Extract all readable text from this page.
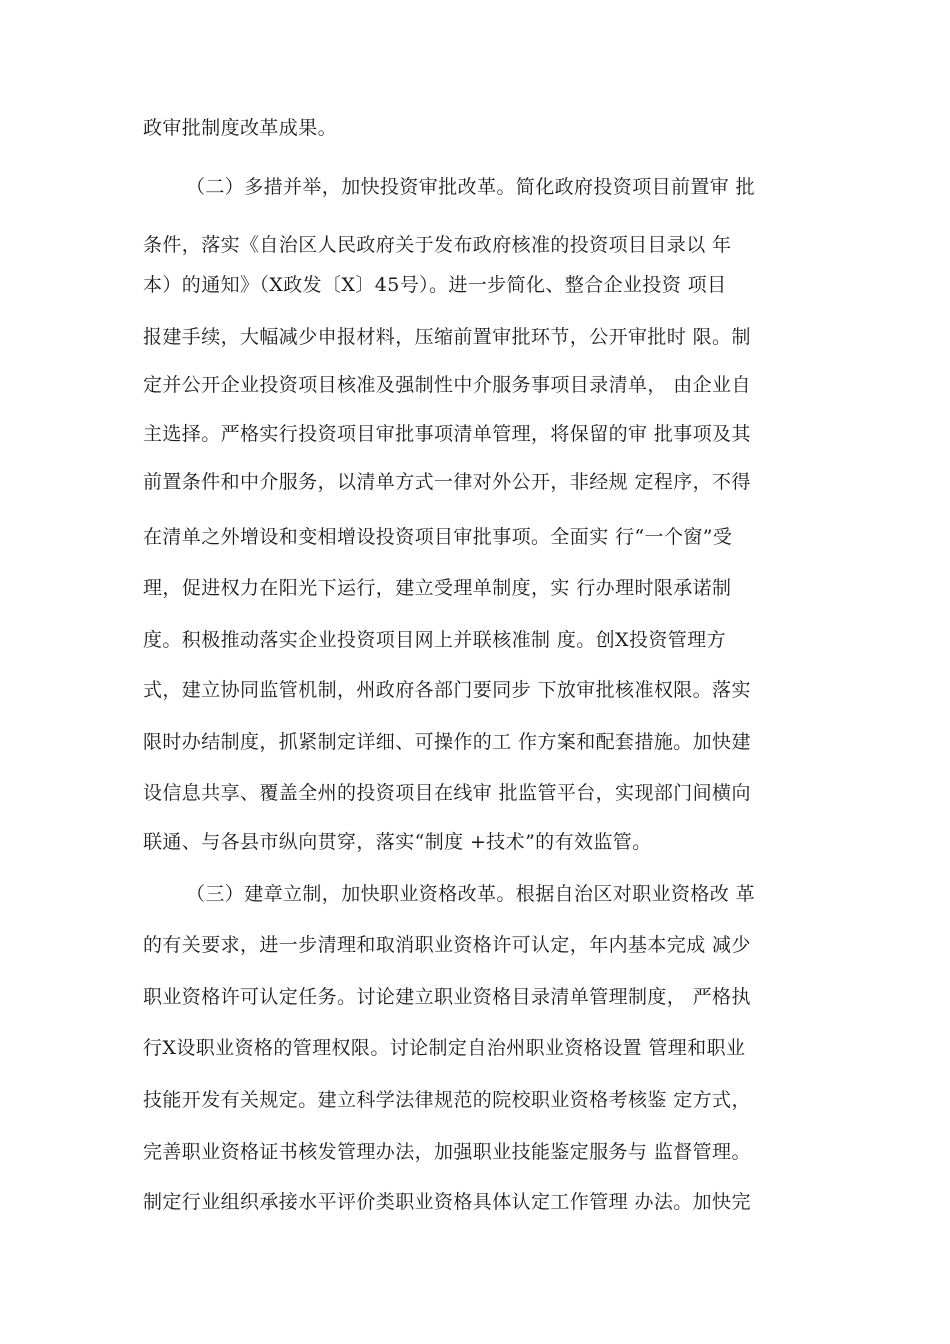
政审批制度改革成果。
（二）多措并举，加快投资审批改革。简化政府投资项目前置审 批
条件，落实《自治区人民政府关于发布政府核准的投资项目目录以 年
本）的通知》（X政发〔X〕45号）。进一步简化、整合企业投资 项目
报建手续，大幅减少申报材料，压缩前置审批环节，公开审批时 限。制
定并公开企业投资项目核准及强制性中介服务事项目录清单， 由企业自
主选择。严格实行投资项目审批事项清单管理，将保留的审 批事项及其
前置条件和中介服务，以清单方式一律对外公开，非经规 定程序，不得
在清单之外增设和变相增设投资项目审批事项。全面实 行“一个窗”受
理，促进权力在阳光下运行，建立受理单制度，实 行办理时限承诺制
度。积极推动落实企业投资项目网上并联核准制 度。创X投资管理方
式，建立协同监管机制，州政府各部门要同步 下放审批核准权限。落实
限时办结制度，抓紧制定详细、可操作的工 作方案和配套措施。加快建
设信息共享、覆盖全州的投资项目在线审 批监管平台，实现部门间横向
联通、与各县市纵向贯穿，落实“制度 +技术”的有效监管。
（三）建章立制，加快职业资格改革。根据自治区对职业资格改 革
的有关要求，进一步清理和取消职业资格许可认定，年内基本完成 减少
职业资格许可认定任务。讨论建立职业资格目录清单管理制度， 严格执
行X设职业资格的管理权限。讨论制定自治州职业资格设置 管理和职业
技能开发有关规定。建立科学法律规范的院校职业资格考核鉴 定方式，
完善职业资格证书核发管理办法，加强职业技能鉴定服务与 监督管理。
制定行业组织承接水平评价类职业资格具体认定工作管理 办法。加快完
